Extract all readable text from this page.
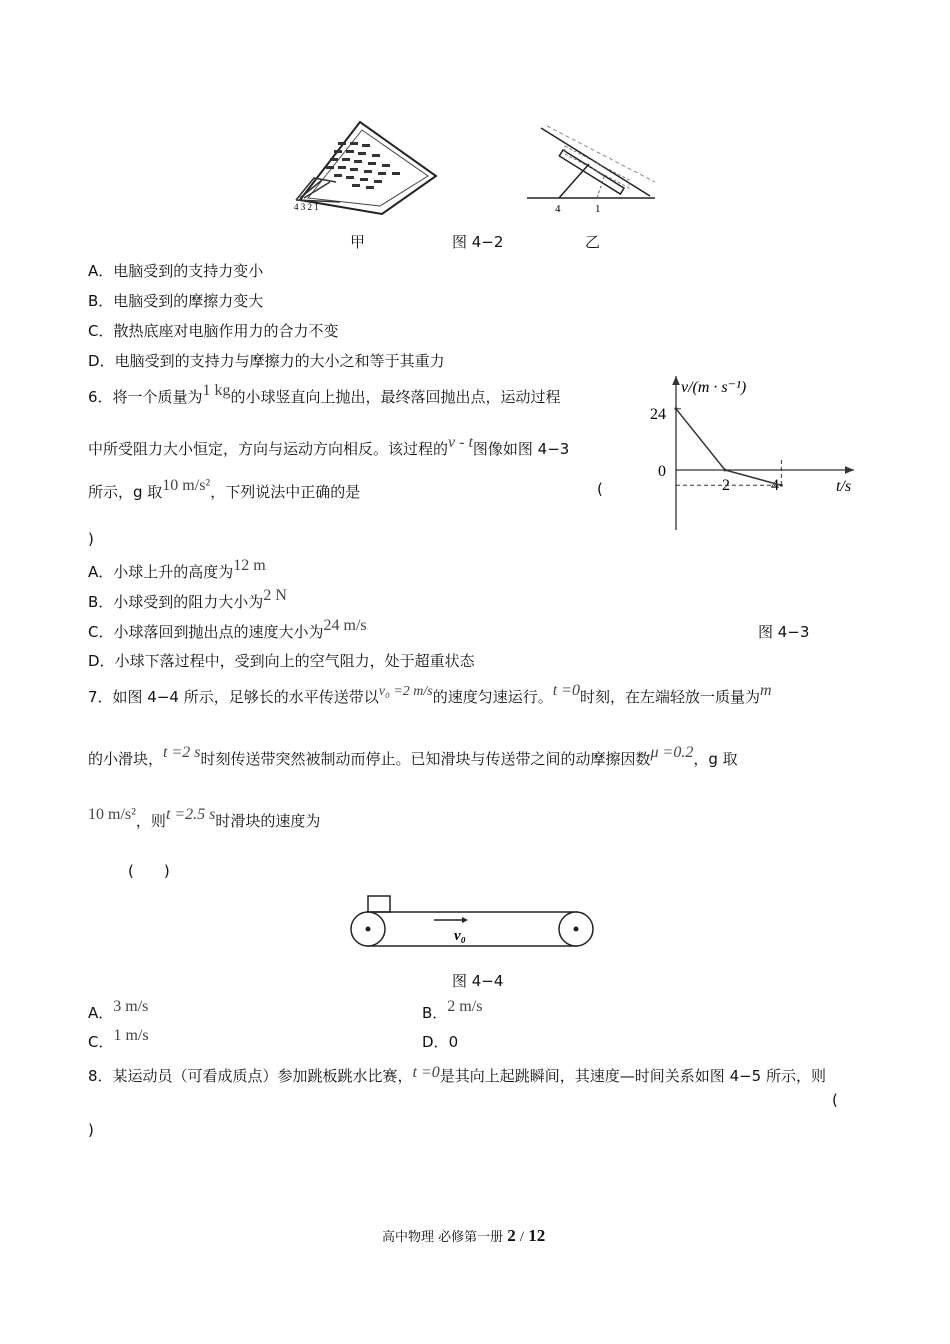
4 3 2 1	4	1
甲	图 4−2	乙
A．电脑受到的支持力变小
B．电脑受到的摩擦力变大
C．散热底座对电脑作用力的合力不变
D．电脑受到的支持力与摩擦力的大小之和等于其重力
6．将一个质量为1 kg的小球竖直向上抛出，最终落回抛出点，运动过程
中所受阻力大小恒定，方向与运动方向相反。该过程的v - t图像如图 4−3
所示，g 取10 m/s²，下列说法中正确的是	(
)
v/(m · s⁻¹)
t/s
0
24
2	4
A．小球上升的高度为12 m
B．小球受到的阻力大小为2 N
C．小球落回到抛出点的速度大小为24 m/s
D．小球下落过程中，受到向上的空气阻力，处于超重状态
图 4−3
7．如图 4−4 所示，足够长的水平传送带以v₀ =2 m/s的速度匀速运行。t =0时刻，在左端轻放一质量为m
的小滑块，t =2 s时刻传送带突然被制动而停止。已知滑块与传送带之间的动摩擦因数μ =0.2，g 取
10 m/s²，则t =2.5 s时滑块的速度为
(　　)
v₀
图 4−4
A．3 m/s	B．2 m/s
C．1 m/s	D．0
8．某运动员（可看成质点）参加跳板跳水比赛，t =0是其向上起跳瞬间，其速度—时间关系如图 4−5 所示，则
(
)
高中物理 必修第一册 2 / 12
